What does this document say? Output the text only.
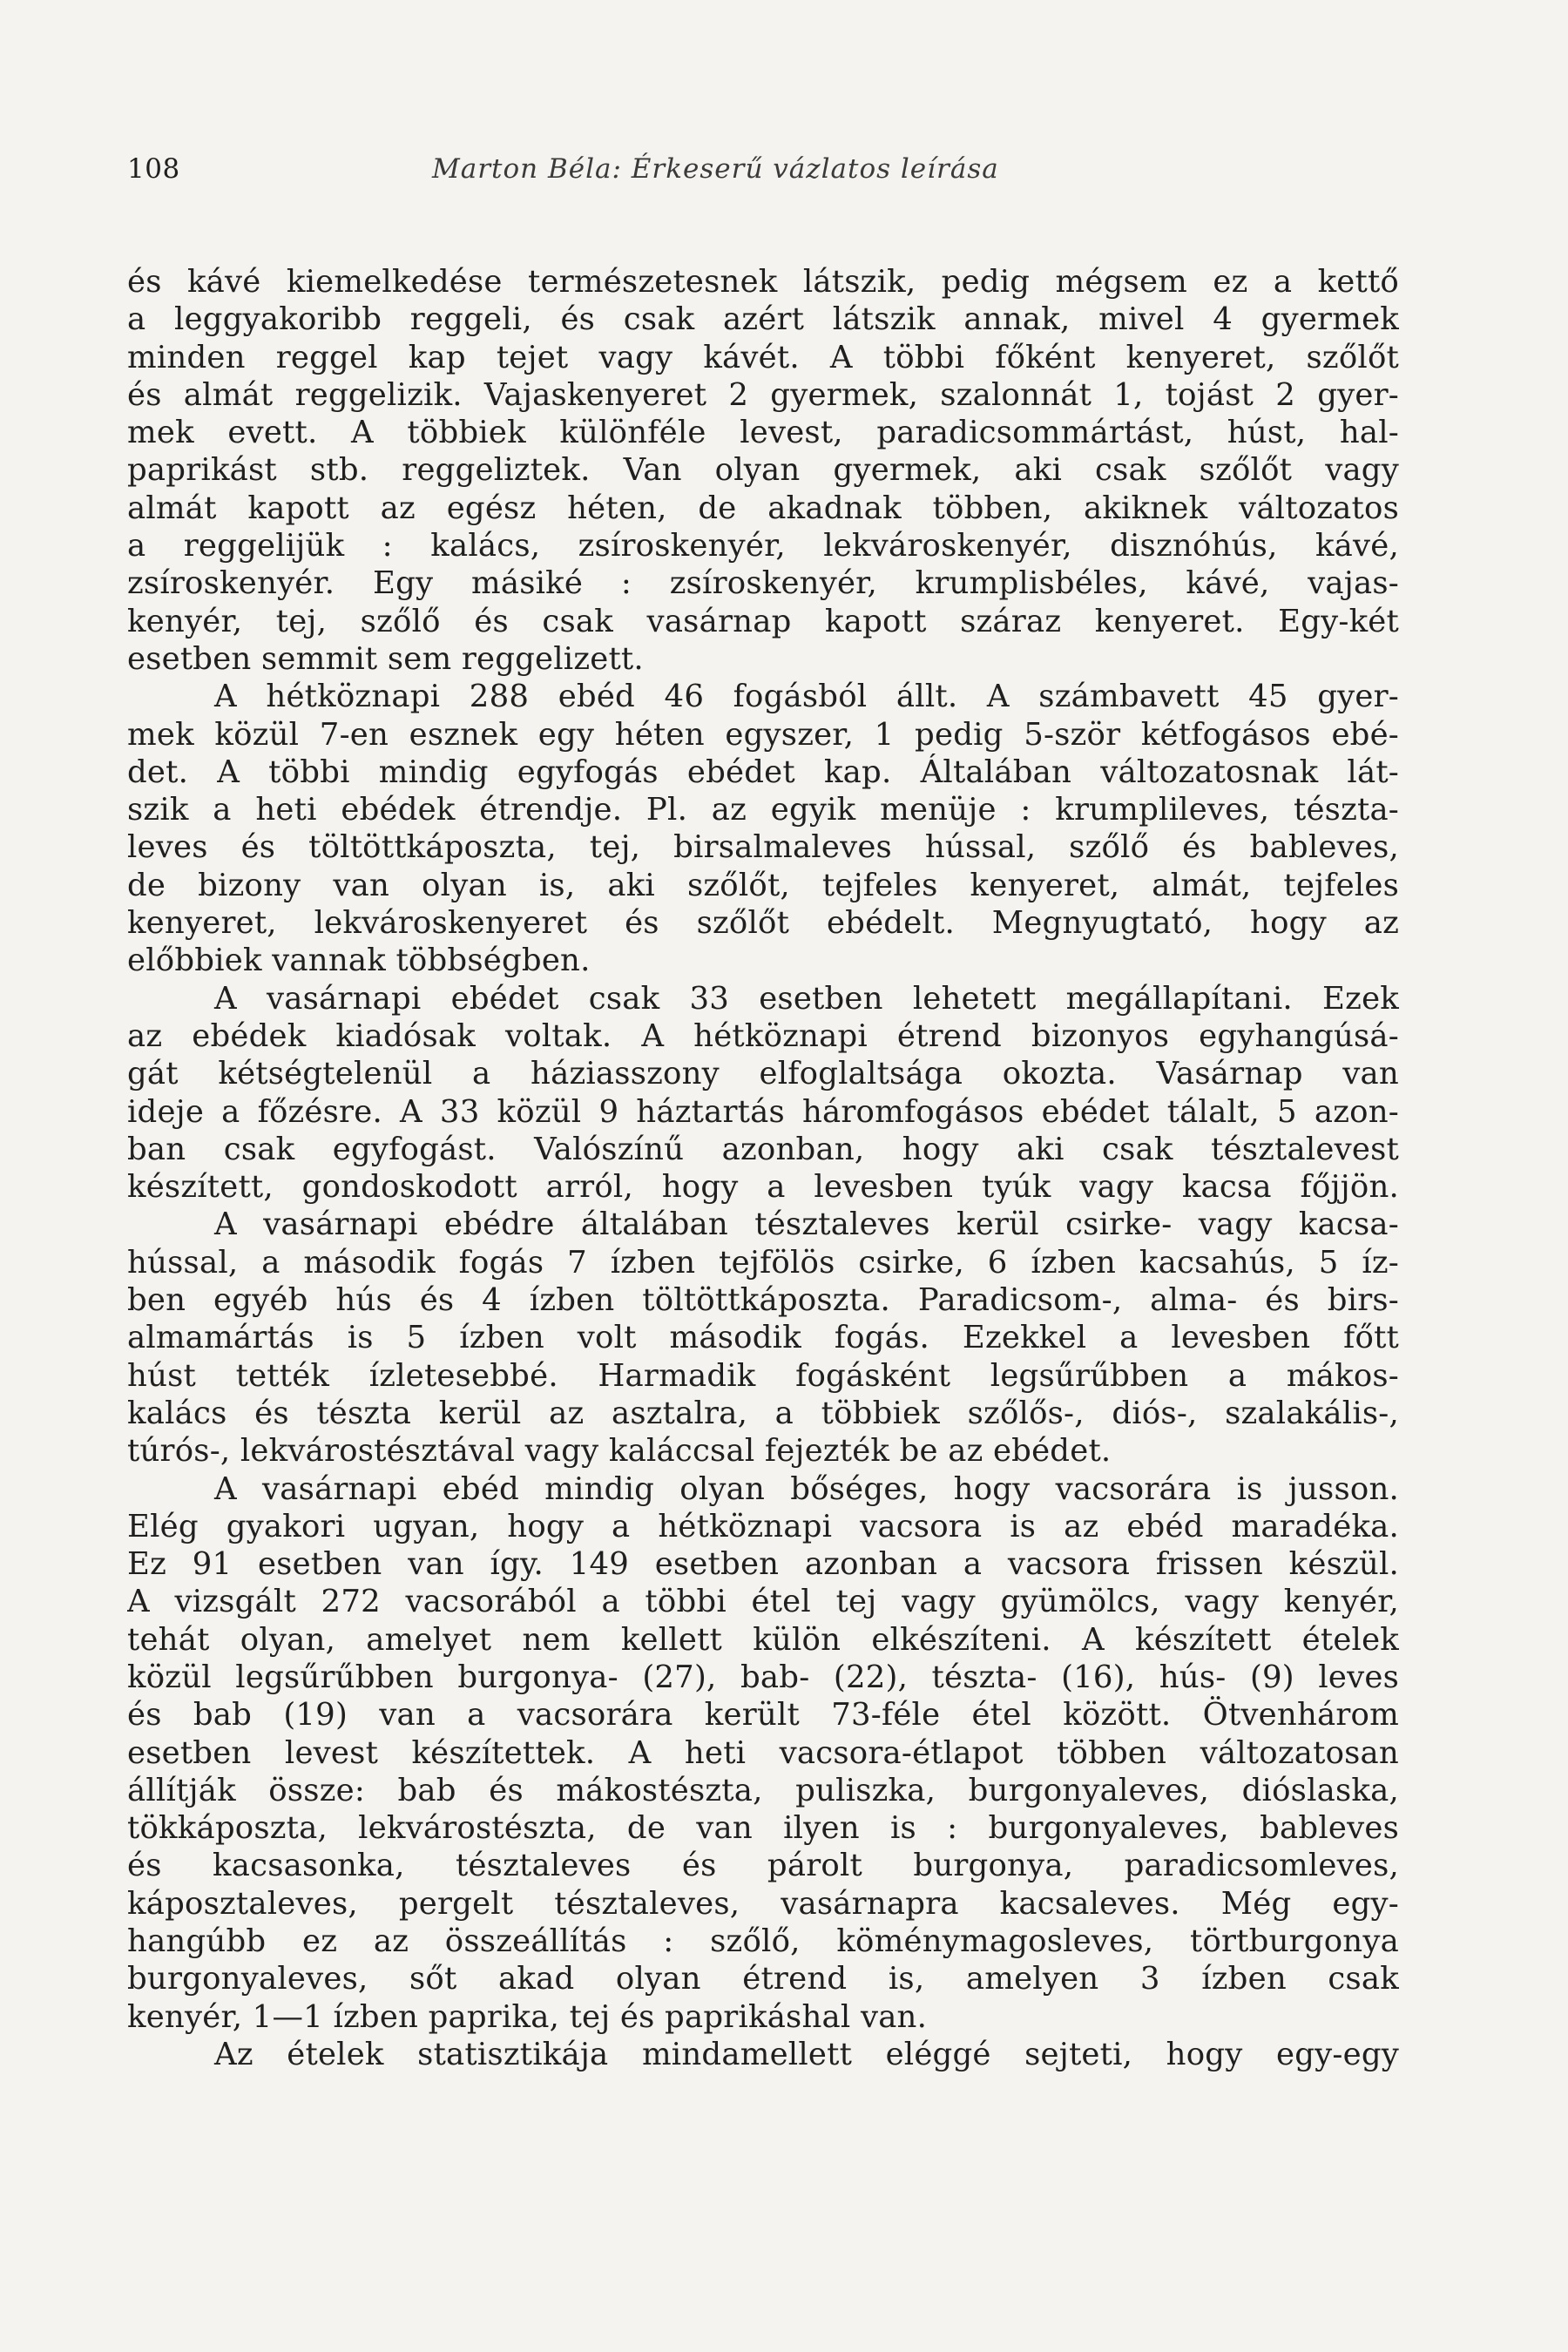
108	Marton Béla: Érkeserű vázlatos leírása
és kávé kiemelkedése természetesnek látszik, pedig mégsem ez a kettő
a leggyakoribb reggeli, és csak azért látszik annak, mivel 4 gyermek
minden reggel kap tejet vagy kávét. A többi főként kenyeret, szőlőt
és almát reggelizik. Vajaskenyeret 2 gyermek, szalonnát 1, tojást 2 gyer-
mek evett. A többiek különféle levest, paradicsommártást, húst, hal-
paprikást stb. reggeliztek. Van olyan gyermek, aki csak szőlőt vagy
almát kapott az egész héten, de akadnak többen, akiknek változatos
a reggelijük : kalács, zsíroskenyér, lekvároskenyér, disznóhús, kávé,
zsíroskenyér. Egy másiké : zsíroskenyér, krumplisbéles, kávé, vajas-
kenyér, tej, szőlő és csak vasárnap kapott száraz kenyeret. Egy-két
esetben semmit sem reggelizett.
A hétköznapi 288 ebéd 46 fogásból állt. A számbavett 45 gyer-
mek közül 7-en esznek egy héten egyszer, 1 pedig 5-ször kétfogásos ebé-
det. A többi mindig egyfogás ebédet kap. Általában változatosnak lát-
szik a heti ebédek étrendje. Pl. az egyik menüje : krumplileves, tészta-
leves és töltöttkáposzta, tej, birsalmaleves hússal, szőlő és bableves,
de bizony van olyan is, aki szőlőt, tejfeles kenyeret, almát, tejfeles
kenyeret, lekvároskenyeret és szőlőt ebédelt. Megnyugtató, hogy az
előbbiek vannak többségben.
A vasárnapi ebédet csak 33 esetben lehetett megállapítani. Ezek
az ebédek kiadósak voltak. A hétköznapi étrend bizonyos egyhangúsá-
gát kétségtelenül a háziasszony elfoglaltsága okozta. Vasárnap van
ideje a főzésre. A 33 közül 9 háztartás háromfogásos ebédet tálalt, 5 azon-
ban csak egyfogást. Valószínű azonban, hogy aki csak tésztalevest
készített, gondoskodott arról, hogy a levesben tyúk vagy kacsa főjjön.
A vasárnapi ebédre általában tésztaleves kerül csirke- vagy kacsa-
hússal, a második fogás 7 ízben tejfölös csirke, 6 ízben kacsahús, 5 íz-
ben egyéb hús és 4 ízben töltöttkáposzta. Paradicsom-, alma- és birs-
almamártás is 5 ízben volt második fogás. Ezekkel a levesben főtt
húst tették ízletesebbé. Harmadik fogásként legsűrűbben a mákos-
kalács és tészta kerül az asztalra, a többiek szőlős-, diós-, szalakális-,
túrós-, lekvárostésztával vagy kaláccsal fejezték be az ebédet.
A vasárnapi ebéd mindig olyan bőséges, hogy vacsorára is jusson.
Elég gyakori ugyan, hogy a hétköznapi vacsora is az ebéd maradéka.
Ez 91 esetben van így. 149 esetben azonban a vacsora frissen készül.
A vizsgált 272 vacsorából a többi étel tej vagy gyümölcs, vagy kenyér,
tehát olyan, amelyet nem kellett külön elkészíteni. A készített ételek
közül legsűrűbben burgonya- (27), bab- (22), tészta- (16), hús- (9) leves
és bab (19) van a vacsorára került 73-féle étel között. Ötvenhárom
esetben levest készítettek. A heti vacsora-étlapot többen változatosan
állítják össze: bab és mákostészta, puliszka, burgonyaleves, dióslaska,
tökkáposzta, lekvárostészta, de van ilyen is : burgonyaleves, bableves
és kacsasonka, tésztaleves és párolt burgonya, paradicsomleves,
káposztaleves, pergelt tésztaleves, vasárnapra kacsaleves. Még egy-
hangúbb ez az összeállítás : szőlő, köménymagosleves, törtburgonya
burgonyaleves, sőt akad olyan étrend is, amelyen 3 ízben csak
kenyér, 1—1 ízben paprika, tej és paprikáshal van.
Az ételek statisztikája mindamellett eléggé sejteti, hogy egy-egy
